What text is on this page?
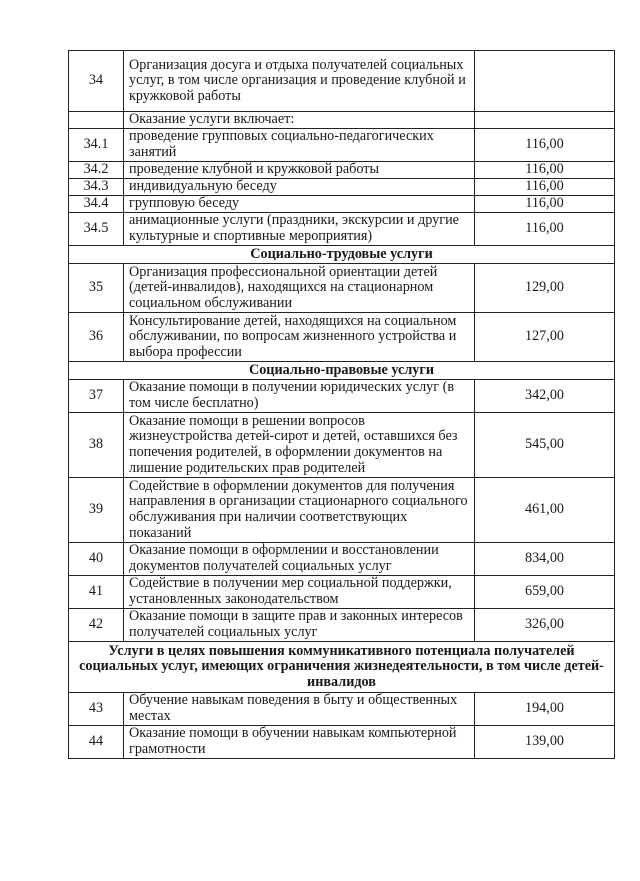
34	Организация досуга и отдыха получателей социальных услуг, в том числе организация и проведение клубной и кружковой работы	
	Оказание услуги включает:	
34.1	проведение групповых социально-педагогических занятий	116,00
34.2	проведение клубной и кружковой работы	116,00
34.3	индивидуальную беседу	116,00
34.4	групповую беседу	116,00
34.5	анимационные услуги (праздники, экскурсии и другие культурные и спортивные мероприятия)	116,00
Социально-трудовые услуги		
35	Организация профессиональной ориентации детей (детей-инвалидов), находящихся на стационарном социальном обслуживании	129,00
36	Консультирование детей, находящихся на социальном обслуживании, по вопросам жизненного устройства и выбора профессии	127,00
Социально-правовые услуги		
37	Оказание помощи в получении юридических услуг (в том числе бесплатно)	342,00
38	Оказание помощи в решении вопросов жизнеустройства детей-сирот и детей, оставшихся без попечения родителей, в оформлении документов на лишение родительских прав родителей	545,00
39	Содействие в оформлении документов для получения направления в организации стационарного социального обслуживания при наличии соответствующих показаний	461,00
40	Оказание помощи в оформлении и восстановлении документов получателей социальных услуг	834,00
41	Содействие в получении мер социальной поддержки, установленных законодательством	659,00
42	Оказание помощи в защите прав и законных интересов получателей социальных услуг	326,00
Услуги в целях повышения коммуникативного потенциала получателей социальных услуг, имеющих ограничения жизнедеятельности, в том числе детей-инвалидов		
43	Обучение навыкам поведения в быту и общественных местах	194,00
44	Оказание помощи в обучении навыкам компьютерной грамотности	139,00
